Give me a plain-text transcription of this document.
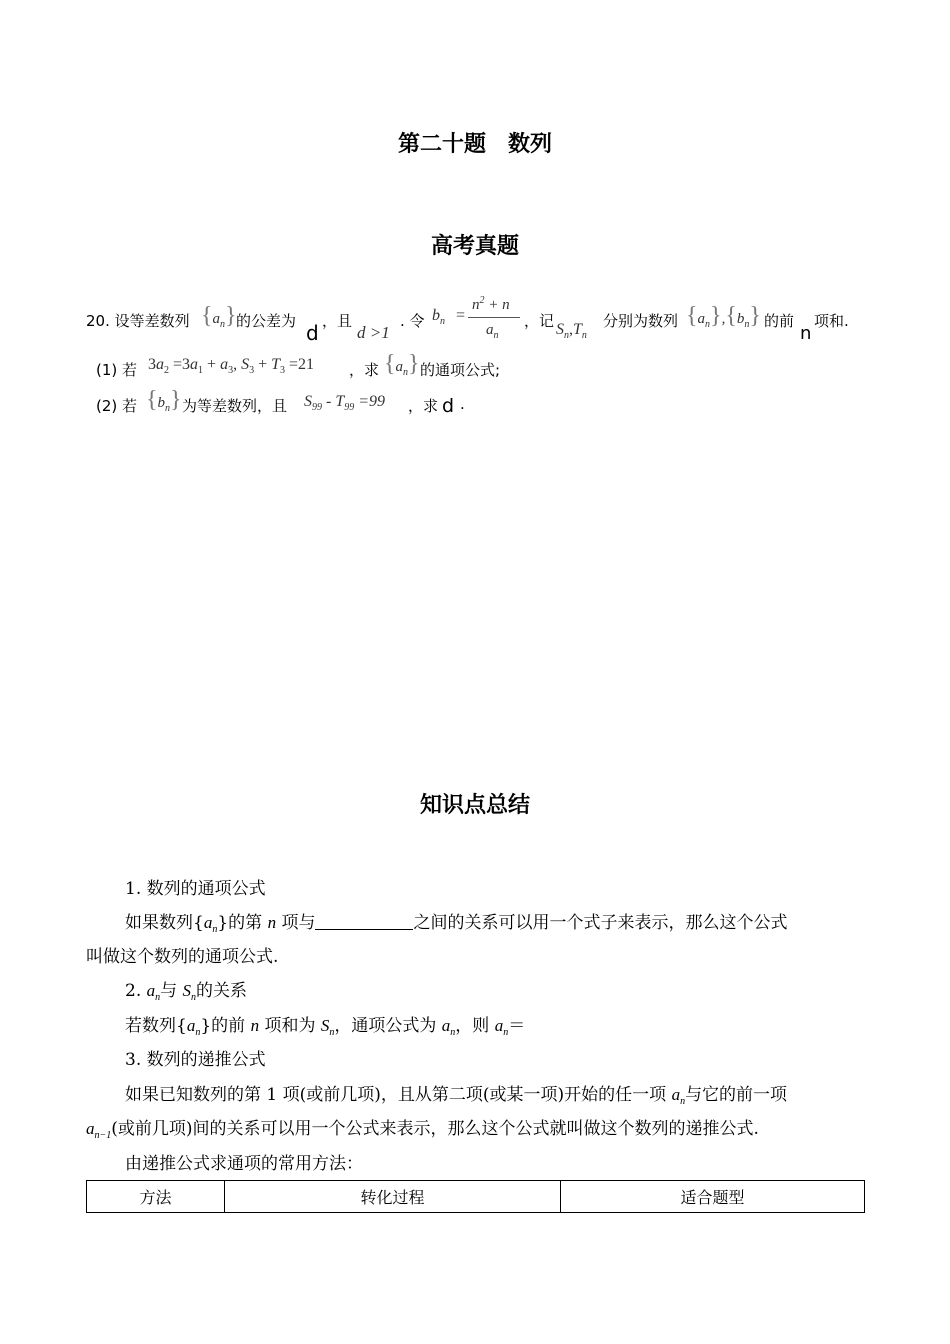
第二十题　数列
高考真题
知识点总结
20. 设等差数列 $\{a_n\}$ 的公差为 d ，且
d >1
. 令 $b_n$ =
$n^2 + n$
$a_n$
，记 $S_n,T_n$
分别为数列 $\{a_n\},\{b_n\}$ 的前
n
项和.
(1) 若 $3a_2 =3a_1 + a_3$, $S_3 + T_3 =21$ ，求 $\{a_n\}$ 的通项公式;
(2) 若 $\{b_n\}$ 为等差数列，且 $S_{99} - T_{99} =99$ ，求 d .
1. 数列的通项公式
如果数列$\{a_n\}$的第 n 项与	之间的关系可以用一个式子来表示，那么这个公式
叫做这个数列的通项公式.
2. $a_n$与 $S_n$的关系
若数列$\{a_n\}$的前 n 项和为 $S_n$，通项公式为 $a_n$，则 $a_n=$
3. 数列的递推公式
如果已知数列的第 1 项(或前几项)，且从第二项(或某一项)开始的任一项 $a_n$与它的前一项
$a_{n-1}$(或前几项)间的关系可以用一个公式来表示，那么这个公式就叫做这个数列的递推公式.
由递推公式求通项的常用方法：
方法	转化过程	适合题型
